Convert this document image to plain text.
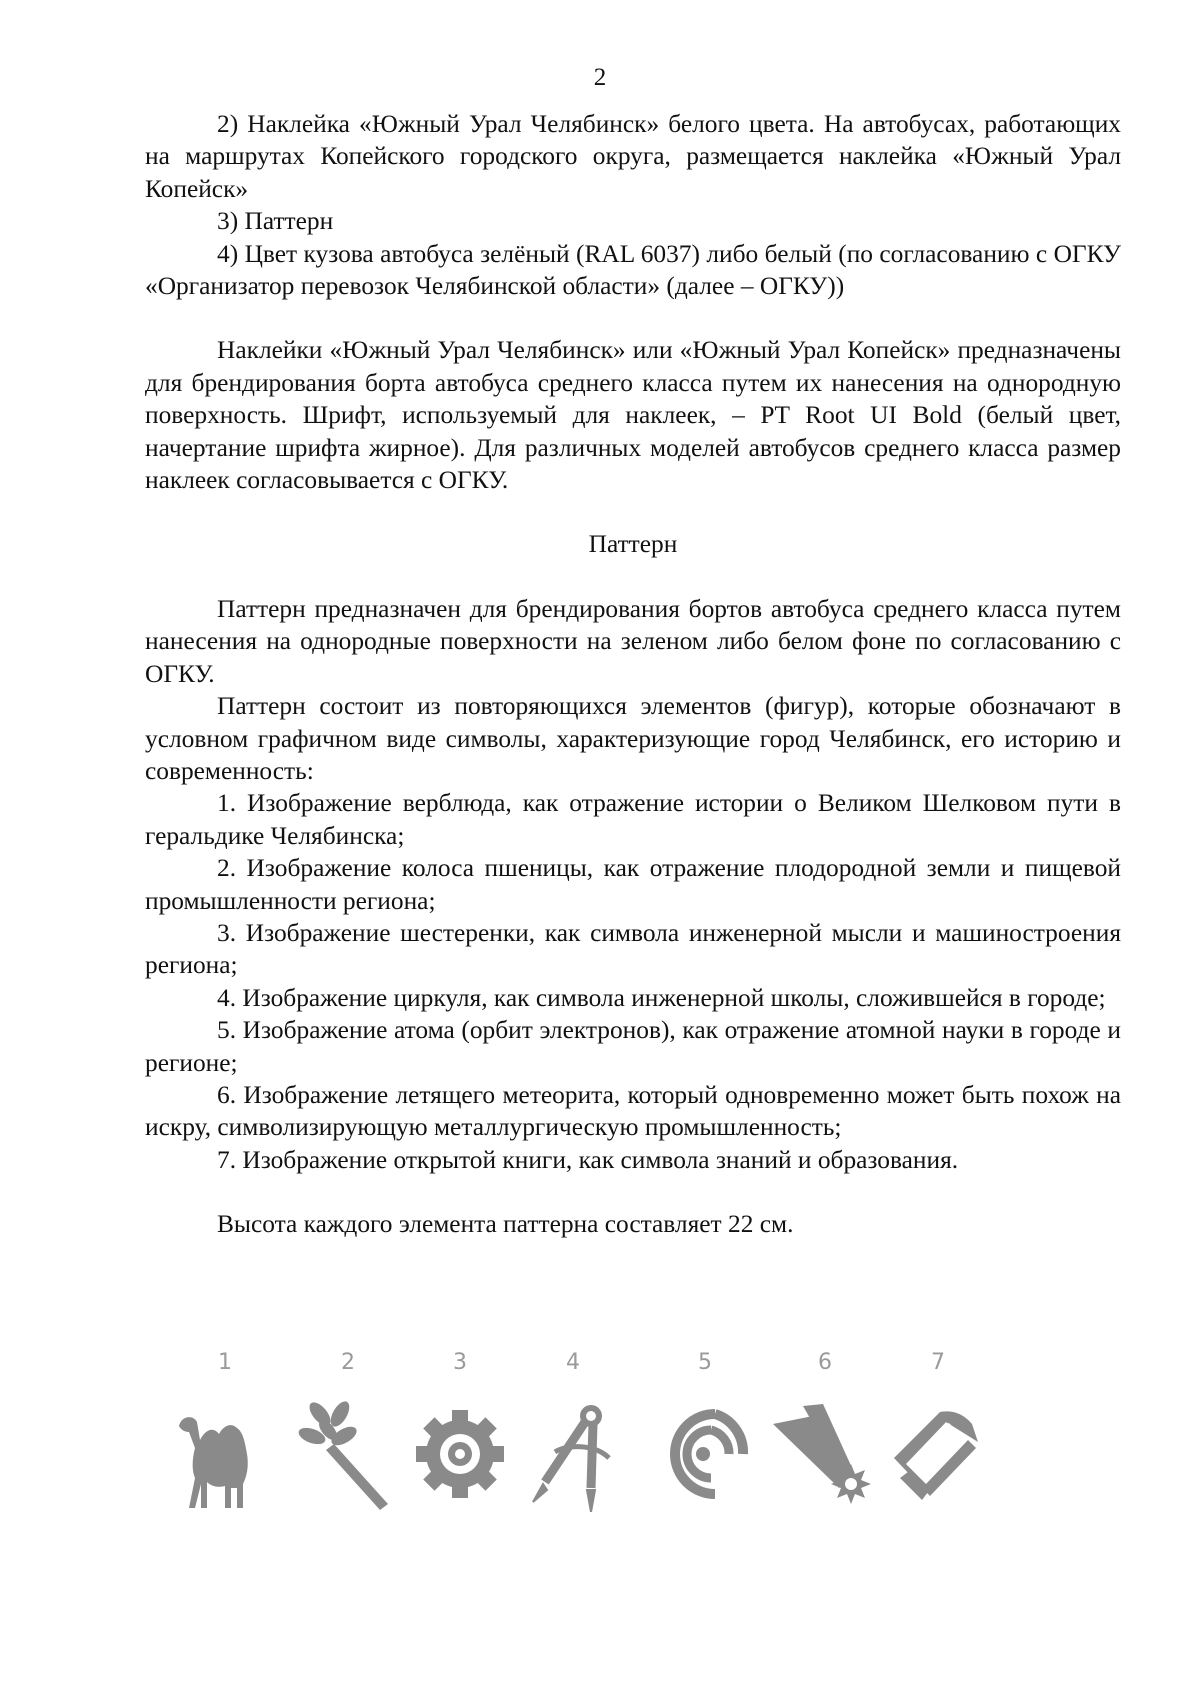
2

2) Наклейка «Южный Урал Челябинск» белого цвета. На автобусах, работающих на маршрутах Копейского городского округа, размещается наклейка «Южный Урал Копейск»

3) Паттерн

4) Цвет кузова автобуса зелёный (RAL 6037) либо белый (по согласованию с ОГКУ «Организатор перевозок Челябинской области» (далее – ОГКУ))

Наклейки «Южный Урал Челябинск» или «Южный Урал Копейск» предназначены для брендирования борта автобуса среднего класса путем их нанесения на однородную поверхность. Шрифт, используемый для наклеек, – PT Root UI Bold (белый цвет, начертание шрифта жирное). Для различных моделей автобусов среднего класса размер наклеек согласовывается с ОГКУ.

Паттерн

Паттерн предназначен для брендирования бортов автобуса среднего класса путем нанесения на однородные поверхности на зеленом либо белом фоне по согласованию с ОГКУ.

Паттерн состоит из повторяющихся элементов (фигур), которые обозначают в условном графичном виде символы, характеризующие город Челябинск, его историю и современность:

1. Изображение верблюда, как отражение истории о Великом Шелковом пути в геральдике Челябинска;

2. Изображение колоса пшеницы, как отражение плодородной земли и пищевой промышленности региона;

3. Изображение шестеренки, как символа инженерной мысли и машиностроения региона;

4. Изображение циркуля, как символа инженерной школы, сложившейся в городе;

5. Изображение атома (орбит электронов), как отражение атомной науки в городе и регионе;

6. Изображение летящего метеорита, который одновременно может быть похож на искру, символизирующую металлургическую промышленность;

7. Изображение открытой книги, как символа знаний и образования.

Высота каждого элемента паттерна составляет 22 см.

1	2	3	4	5	6	7
